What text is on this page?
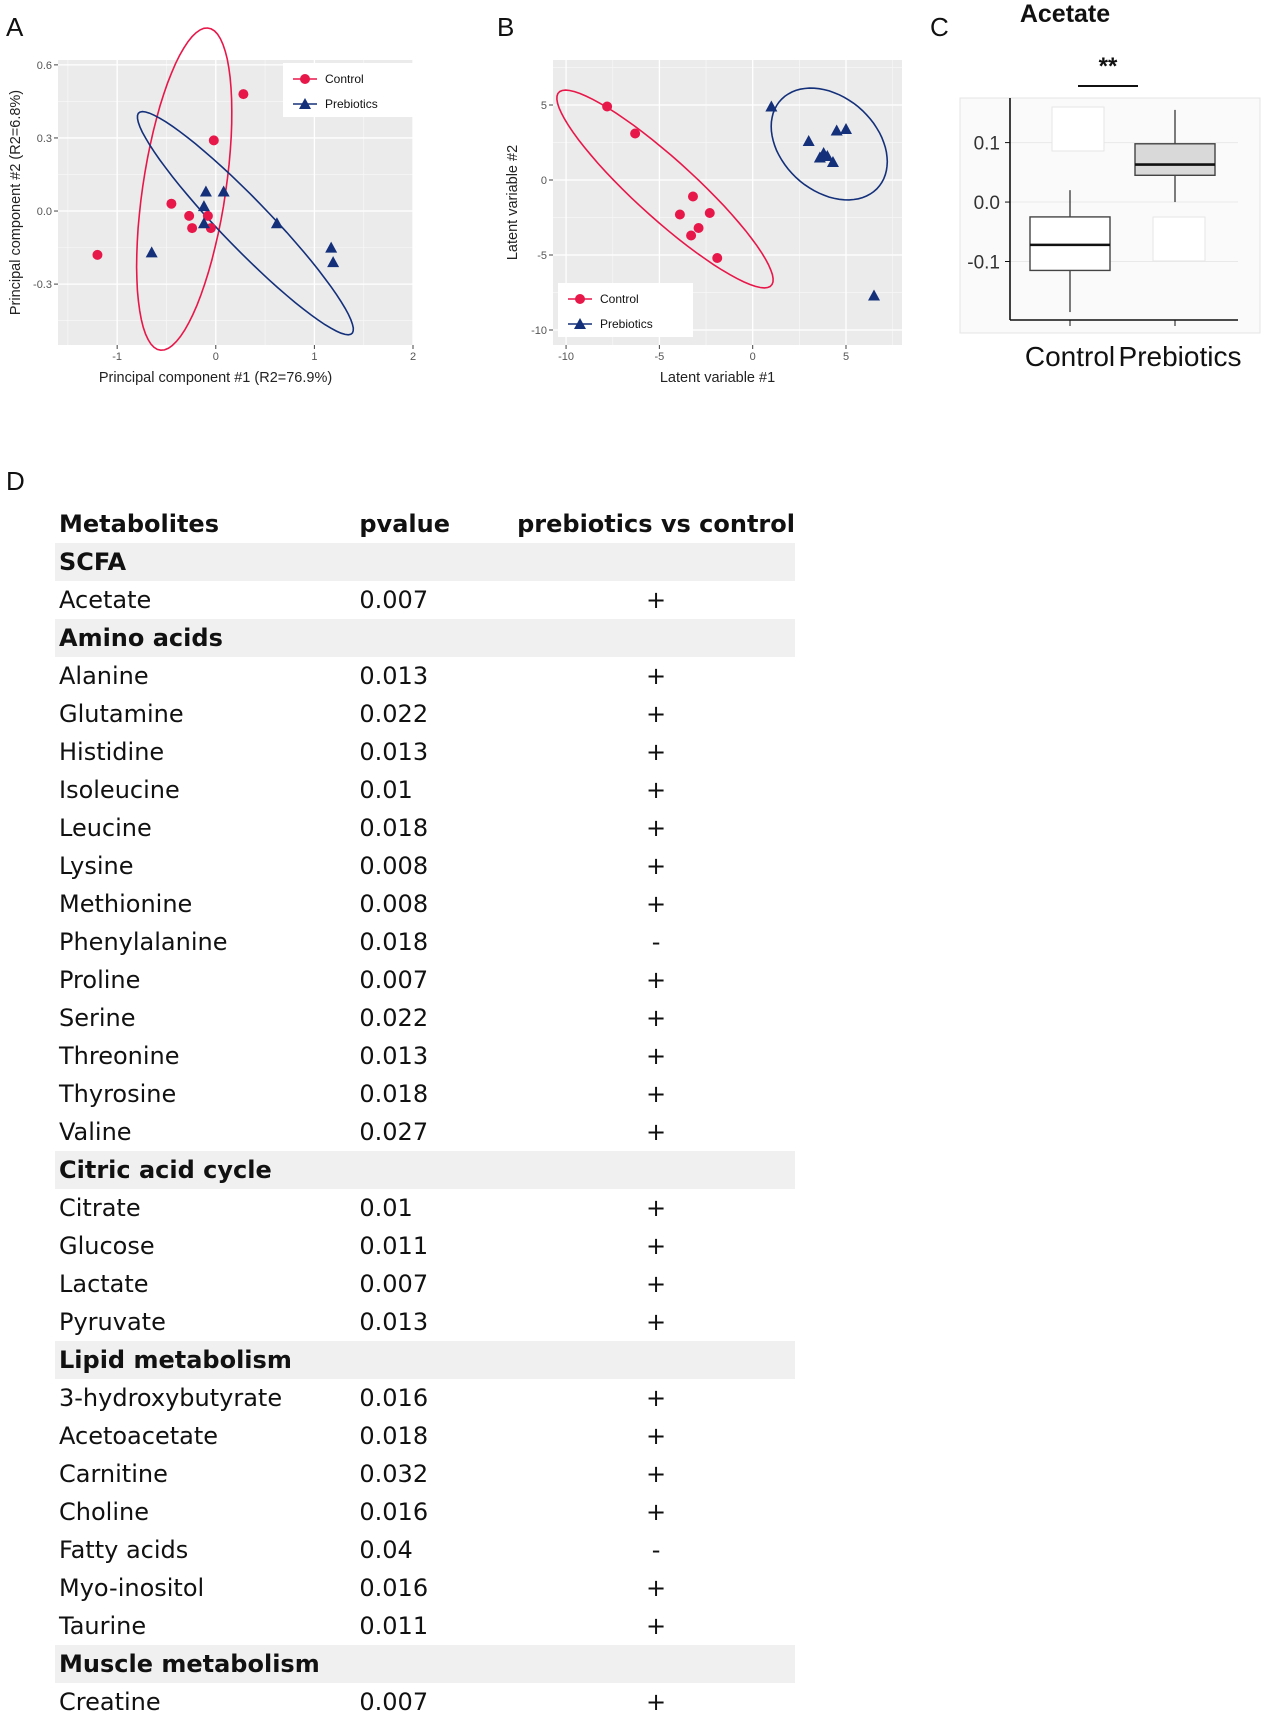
A	B	C
D
-1	0	1	2
0.6
0.3
0.0
-0.3
Principal component #1 (R2=76.9%)
Principal component #2 (R2=6.8%)
Control
Prebiotics
-10	-5	0	5
5
0
-5
-10
Latent variable #1
Latent variable #2
Control
Prebiotics
Acetate
**
0.1
0.0
-0.1
Control Prebiotics
Metabolites	pvalue	prebiotics vs control
SCFA		
Acetate	0.007	+
Amino acids		
Alanine	0.013	+
Glutamine	0.022	+
Histidine	0.013	+
Isoleucine	0.01	+
Leucine	0.018	+
Lysine	0.008	+
Methionine	0.008	+
Phenylalanine	0.018	-
Proline	0.007	+
Serine	0.022	+
Threonine	0.013	+
Thyrosine	0.018	+
Valine	0.027	+
Citric acid cycle		
Citrate	0.01	+
Glucose	0.011	+
Lactate	0.007	+
Pyruvate	0.013	+
Lipid metabolism		
3-hydroxybutyrate	0.016	+
Acetoacetate	0.018	+
Carnitine	0.032	+
Choline	0.016	+
Fatty acids	0.04	-
Myo-inositol	0.016	+
Taurine	0.011	+
Muscle metabolism		
Creatine	0.007	+
